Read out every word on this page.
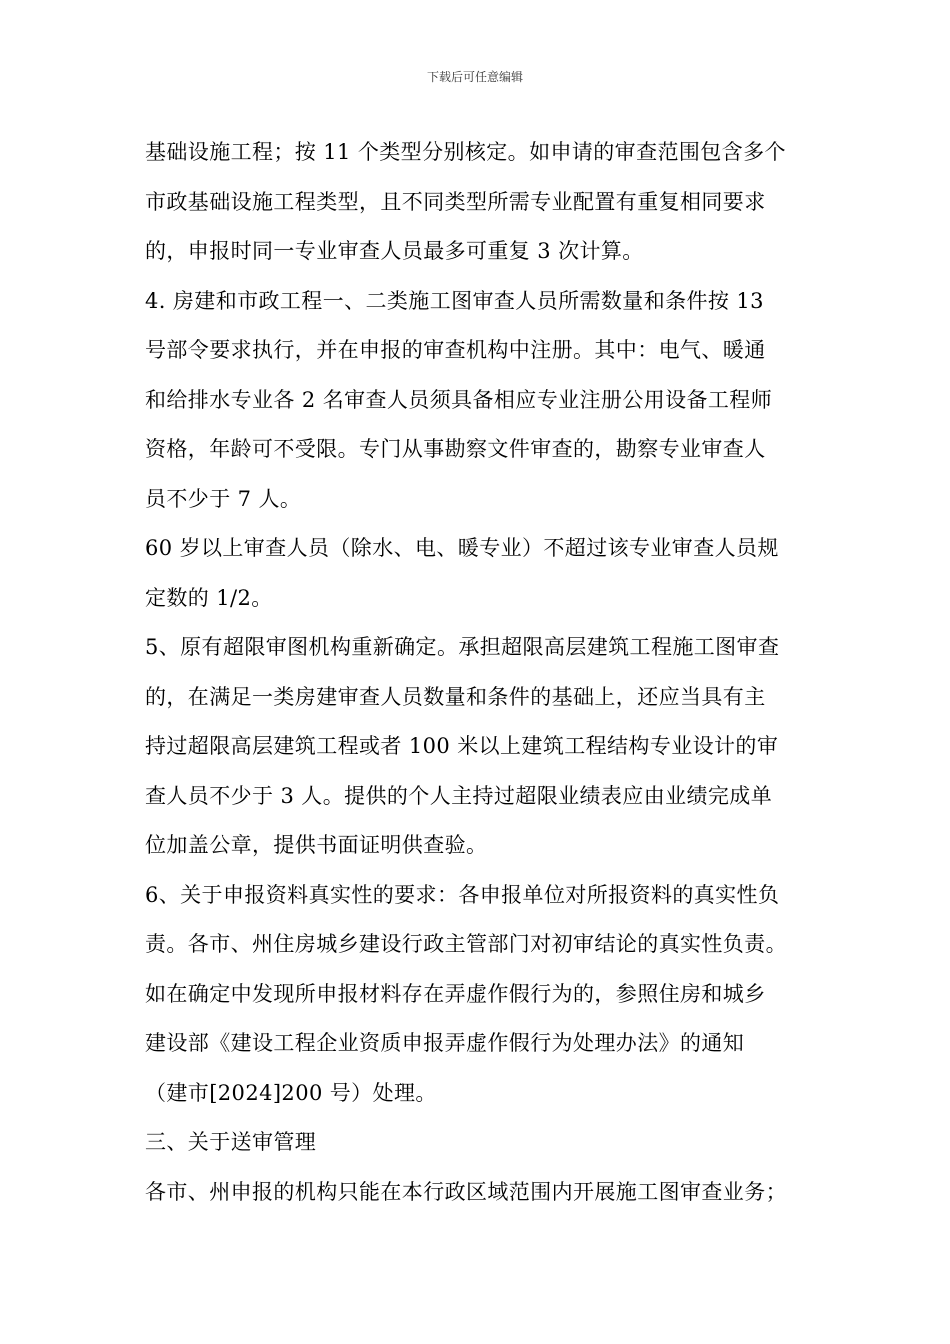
下载后可任意编辑
基础设施工程；按 11 个类型分别核定。如申请的审查范围包含多个
市政基础设施工程类型，且不同类型所需专业配置有重复相同要求
的，申报时同一专业审查人员最多可重复 3 次计算。
4. 房建和市政工程一、二类施工图审查人员所需数量和条件按 13
号部令要求执行，并在申报的审查机构中注册。其中：电气、暖通
和给排水专业各 2 名审查人员须具备相应专业注册公用设备工程师
资格，年龄可不受限。专门从事勘察文件审查的，勘察专业审查人
员不少于 7 人。
60 岁以上审查人员（除水、电、暖专业）不超过该专业审查人员规
定数的 1/2。
5、原有超限审图机构重新确定。承担超限高层建筑工程施工图审查
的，在满足一类房建审查人员数量和条件的基础上，还应当具有主
持过超限高层建筑工程或者 100 米以上建筑工程结构专业设计的审
查人员不少于 3 人。提供的个人主持过超限业绩表应由业绩完成单
位加盖公章，提供书面证明供查验。
6、关于申报资料真实性的要求：各申报单位对所报资料的真实性负
责。各市、州住房城乡建设行政主管部门对初审结论的真实性负责。
如在确定中发现所申报材料存在弄虚作假行为的，参照住房和城乡
建设部《建设工程企业资质申报弄虚作假行为处理办法》的通知
（建市[2024]200 号）处理。
三、关于送审管理
各市、州申报的机构只能在本行政区域范围内开展施工图审查业务；
